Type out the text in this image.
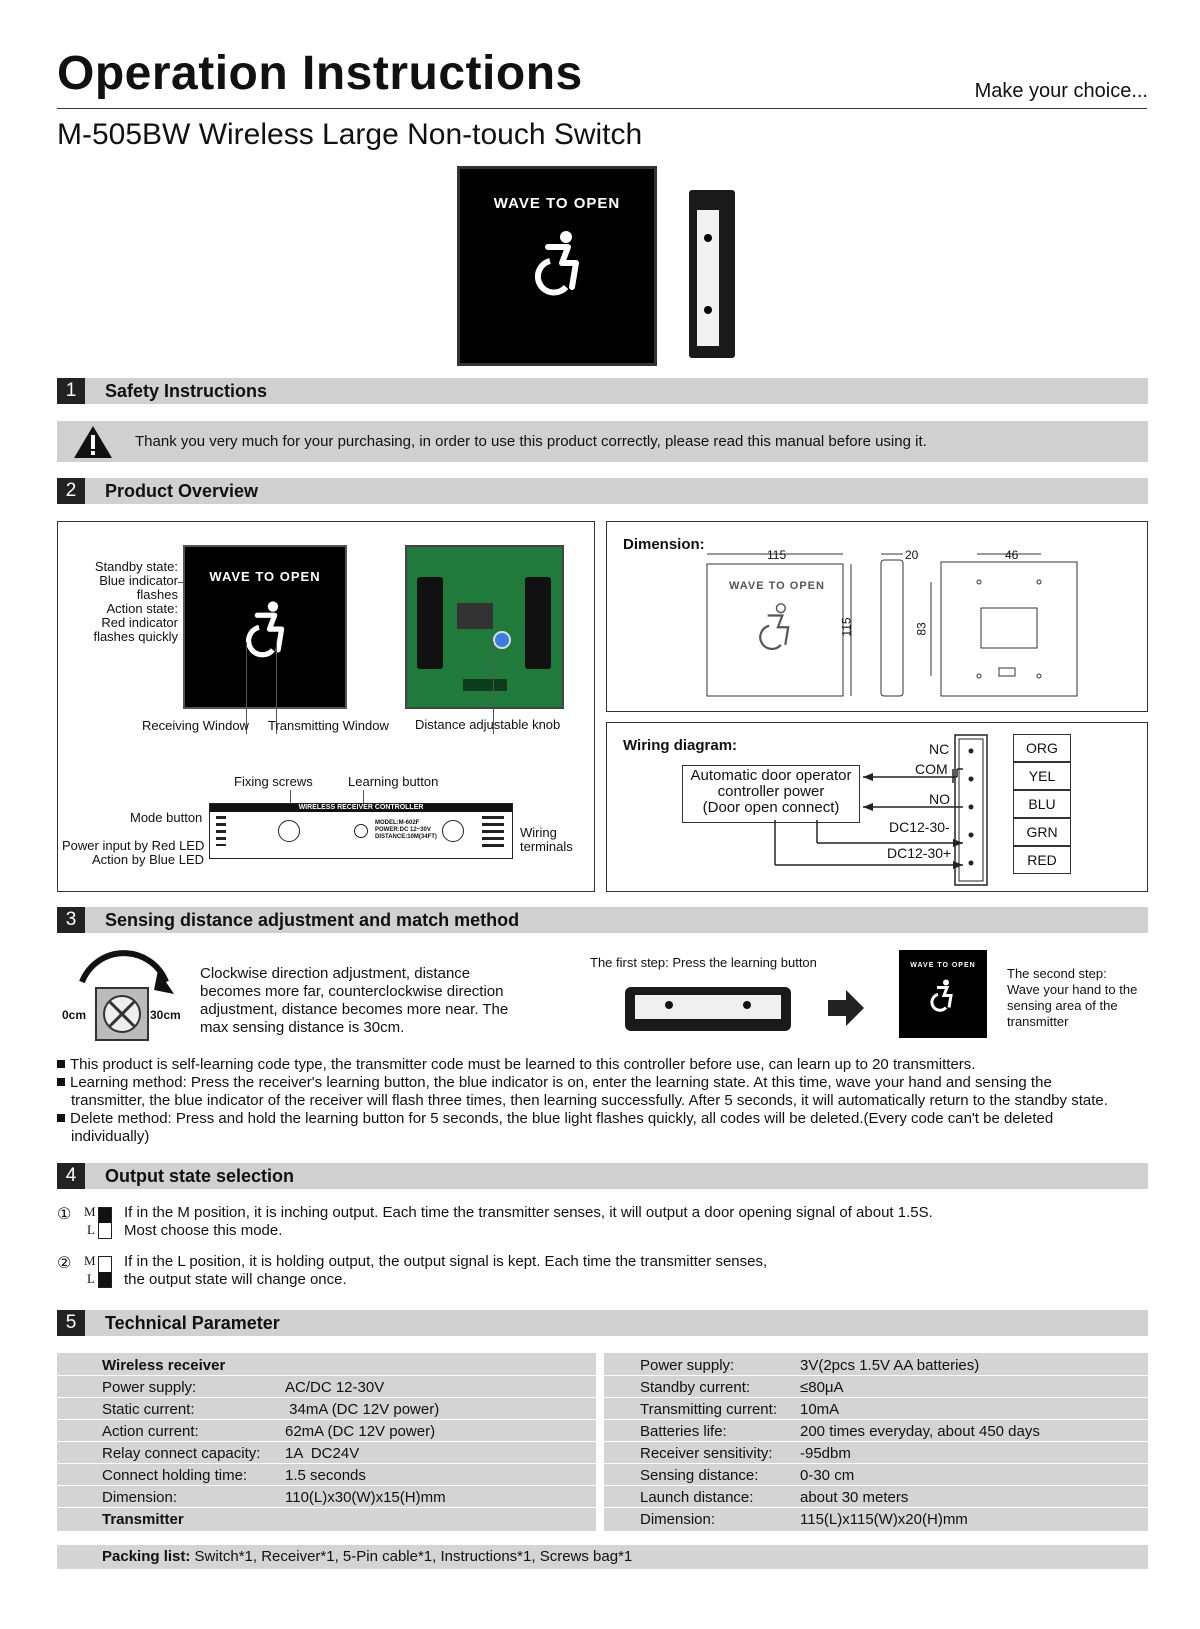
Operation Instructions	Make your choice...
M-505BW Wireless Large Non-touch Switch
WAVE TO OPEN
1	Safety Instructions
Thank you very much for your purchasing, in order to use this product correctly, please read this manual before using it.
2	Product Overview
Standby state:
Blue indicator
flashes
Action state:
Red indicator
flashes quickly
WAVE TO OPEN
Receiving Window Transmitting Window Distance adjustable knob
Fixing screws	Learning button
Mode button
Power input by Red LED
Action by Blue LED
WIRELESS RECEIVER CONTROLLER
MODEL:M-602F
POWER:DC 12~30V
DISTANCE:10M(34FT)	Wiring
terminals
Dimension:
115
115
20	46
83
WAVE TO OPEN
Wiring diagram:
Automatic door operator
controller power
(Door open connect)
NC
COM
NO
DC12-30-
DC12-30+
ORG
YEL
BLU
GRN
RED
3	Sensing distance adjustment and match method
0cm	30cm
Clockwise direction adjustment, distance
becomes more far, counterclockwise direction
adjustment, distance becomes more near. The
max sensing distance is 30cm.
The first step: Press the learning button	WAVE TO OPEN
The second step:
Wave your hand to the
sensing area of the
transmitter
This product is self-learning code type, the transmitter code must be learned to this controller before use, can learn up to 20 transmitters.
Learning method: Press the receiver's learning button, the blue indicator is on, enter the learning state. At this time, wave your hand and sensing the
transmitter, the blue indicator of the receiver will flash three times, then learning successfully. After 5 seconds, it will automatically return to the standby state.
Delete method: Press and hold the learning button for 5 seconds, the blue light flashes quickly, all codes will be deleted.(Every code can't be deleted
individually)
4	Output state selection
① M
L
If in the M position, it is inching output. Each time the transmitter senses, it will output a door opening signal of about 1.5S.
Most choose this mode.
② M
L
If in the L position, it is holding output, the output signal is kept. Each time the transmitter senses,
the output state will change once.
5	Technical Parameter
Wireless receiver
Power supply:	AC/DC 12-30V
Static current:	34mA (DC 12V power)
Action current:	62mA (DC 12V power)
Relay connect capacity: 1A  DC24V
Connect holding time:	1.5 seconds
Dimension:	110(L)x30(W)x15(H)mm
Transmitter
Power supply:	3V(2pcs 1.5V AA batteries)
Standby current:	≤80μA
Transmitting current: 10mA
Batteries life:	200 times everyday, about 450 days
Receiver sensitivity: -95dbm
Sensing distance:	0-30 cm
Launch distance:	about 30 meters
Dimension:	115(L)x115(W)x20(H)mm
Packing list: Switch*1, Receiver*1, 5-Pin cable*1, Instructions*1, Screws bag*1
